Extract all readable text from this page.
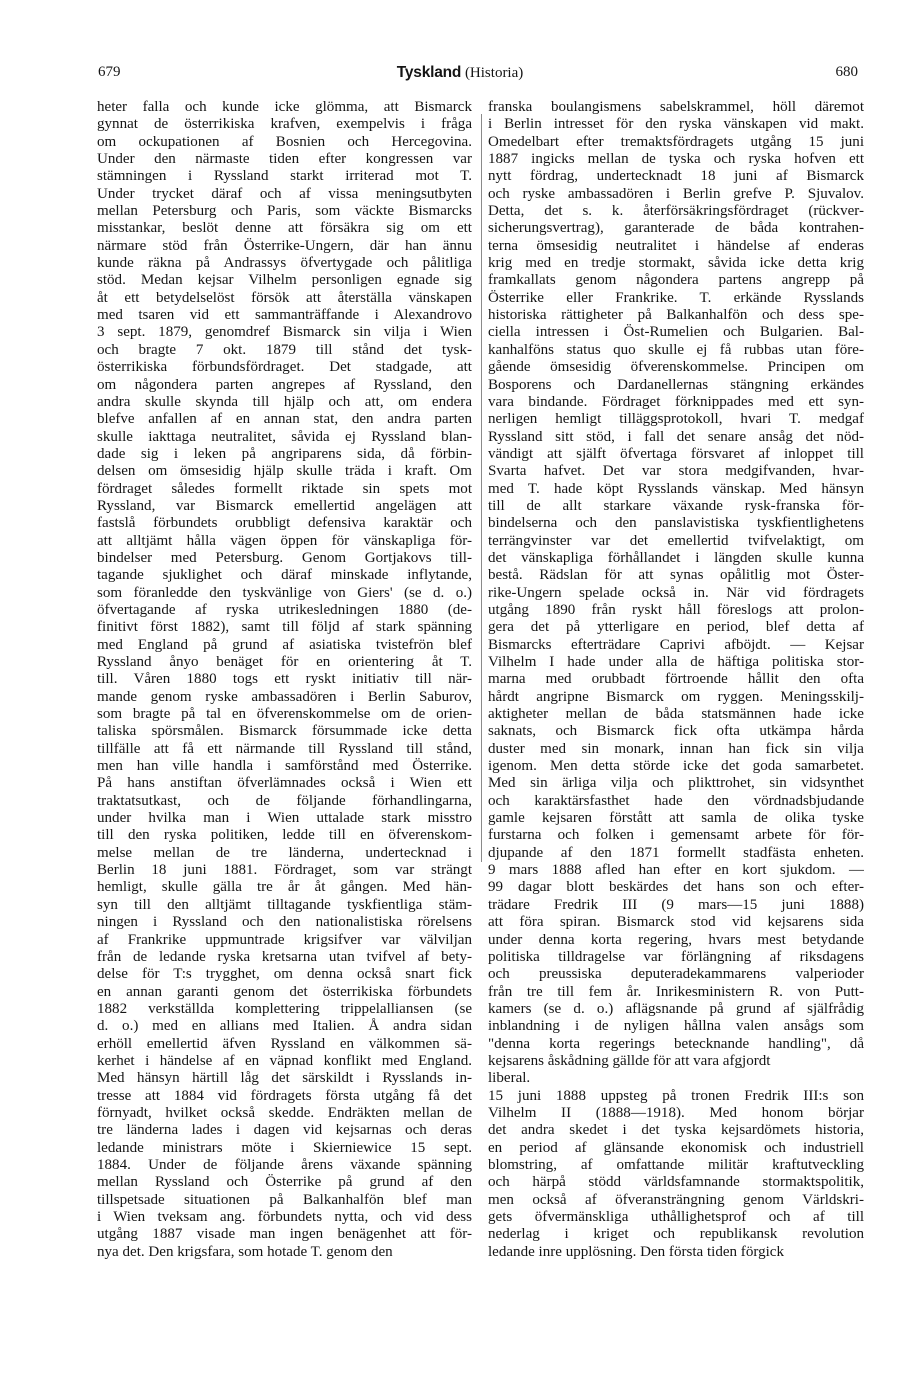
679	Tyskland (Historia)	680
heter falla och kunde icke glömma, att Bismarck
gynnat de österrikiska krafven, exempelvis i fråga
om ockupationen af Bosnien och Hercegovina.
Under den närmaste tiden efter kongressen var
stämningen i Ryssland starkt irriterad mot T.
Under trycket däraf och af vissa meningsutbyten
mellan Petersburg och Paris, som väckte Bismarcks
misstankar, beslöt denne att försäkra sig om ett
närmare stöd från Österrike-Ungern, där han ännu
kunde räkna på Andrassys öfvertygade och pålitliga
stöd. Medan kejsar Vilhelm personligen egnade sig
åt ett betydelselöst försök att återställa vänskapen
med tsaren vid ett sammanträffande i Alexandrovo
3 sept. 1879, genomdref Bismarck sin vilja i Wien
och bragte 7 okt. 1879 till stånd det tysk-
österrikiska förbundsfördraget. Det stadgade, att
om någondera parten angrepes af Ryssland, den
andra skulle skynda till hjälp och att, om endera
blefve anfallen af en annan stat, den andra parten
skulle iakttaga neutralitet, såvida ej Ryssland blan-
dade sig i leken på angriparens sida, då förbin-
delsen om ömsesidig hjälp skulle träda i kraft. Om
fördraget således formellt riktade sin spets mot
Ryssland, var Bismarck emellertid angelägen att
fastslå förbundets orubbligt defensiva karaktär och
att alltjämt hålla vägen öppen för vänskapliga för-
bindelser med Petersburg. Genom Gortjakovs till-
tagande sjuklighet och däraf minskade inflytande,
som föranledde den tyskvänlige von Giers' (se d. o.)
öfvertagande af ryska utrikesledningen 1880 (de-
finitivt först 1882), samt till följd af stark spänning
med England på grund af asiatiska tvistefrön blef
Ryssland ånyo benäget för en orientering åt T.
till. Våren 1880 togs ett ryskt initiativ till när-
mande genom ryske ambassadören i Berlin Saburov,
som bragte på tal en öfverenskommelse om de orien-
taliska spörsmålen. Bismarck försummade icke detta
tillfälle att få ett närmande till Ryssland till stånd,
men han ville handla i samförstånd med Österrike.
På hans anstiftan öfverlämnades också i Wien ett
traktatsutkast, och de följande förhandlingarna,
under hvilka man i Wien uttalade stark misstro
till den ryska politiken, ledde till en öfverenskom-
melse mellan de tre länderna, undertecknad i
Berlin 18 juni 1881. Fördraget, som var strängt
hemligt, skulle gälla tre år åt gången. Med hän-
syn till den alltjämt tilltagande tyskfientliga stäm-
ningen i Ryssland och den nationalistiska rörelsens
af Frankrike uppmuntrade krigsifver var välviljan
från de ledande ryska kretsarna utan tvifvel af bety-
delse för T:s trygghet, om denna också snart fick
en annan garanti genom det österrikiska förbundets
1882 verkställda komplettering trippelalliansen (se
d. o.) med en allians med Italien. Å andra sidan
erhöll emellertid äfven Ryssland en välkommen sä-
kerhet i händelse af en väpnad konflikt med England.
Med hänsyn härtill låg det särskildt i Rysslands in-
tresse att 1884 vid fördragets första utgång få det
förnyadt, hvilket också skedde. Endräkten mellan de
tre länderna lades i dagen vid kejsarnas och deras
ledande ministrars möte i Skierniewice 15 sept.
1884. Under de följande årens växande spänning
mellan Ryssland och Österrike på grund af den
tillspetsade situationen på Balkanhalfön blef man
i Wien tveksam ang. förbundets nytta, och vid dess
utgång 1887 visade man ingen benägenhet att för-
nya det. Den krigsfara, som hotade T. genom den
franska boulangismens sabelskrammel, höll däremot
i Berlin intresset för den ryska vänskapen vid makt.
Omedelbart efter tremaktsfördragets utgång 15 juni
1887 ingicks mellan de tyska och ryska hofven ett
nytt fördrag, undertecknadt 18 juni af Bismarck
och ryske ambassadören i Berlin grefve P. Sjuvalov.
Detta, det s. k. återförsäkringsfördraget (rückver-
sicherungsvertrag), garanterade de båda kontrahen-
terna ömsesidig neutralitet i händelse af enderas
krig med en tredje stormakt, såvida icke detta krig
framkallats genom någondera partens angrepp på
Österrike eller Frankrike. T. erkände Rysslands
historiska rättigheter på Balkanhalfön och dess spe-
ciella intressen i Öst-Rumelien och Bulgarien. Bal-
kanhalföns status quo skulle ej få rubbas utan före-
gående ömsesidig öfverenskommelse. Principen om
Bosporens och Dardanellernas stängning erkändes
vara bindande. Fördraget förknippades med ett syn-
nerligen hemligt tilläggsprotokoll, hvari T. medgaf
Ryssland sitt stöd, i fall det senare ansåg det nöd-
vändigt att själft öfvertaga försvaret af inloppet till
Svarta hafvet. Det var stora medgifvanden, hvar-
med T. hade köpt Rysslands vänskap. Med hänsyn
till de allt starkare växande rysk-franska för-
bindelserna och den panslavistiska tyskfientlighetens
terrängvinster var det emellertid tvifvelaktigt, om
det vänskapliga förhållandet i längden skulle kunna
bestå. Rädslan för att synas opålitlig mot Öster-
rike-Ungern spelade också in. När vid fördragets
utgång 1890 från ryskt håll föreslogs att prolon-
gera det på ytterligare en period, blef detta af
Bismarcks efterträdare Caprivi afböjdt. — Kejsar
Vilhelm I hade under alla de häftiga politiska stor-
marna med orubbadt förtroende hållit den ofta
hårdt angripne Bismarck om ryggen. Meningsskilj-
aktigheter mellan de båda statsmännen hade icke
saknats, och Bismarck fick ofta utkämpa hårda
duster med sin monark, innan han fick sin vilja
igenom. Men detta störde icke det goda samarbetet.
Med sin ärliga vilja och plikttrohet, sin vidsynthet
och karaktärsfasthet hade den vördnadsbjudande
gamle kejsaren förstått att samla de olika tyske
furstarna och folken i gemensamt arbete för för-
djupande af den 1871 formellt stadfästa enheten.
9 mars 1888 afled han efter en kort sjukdom. —
99 dagar blott beskärdes det hans son och efter-
trädare Fredrik III (9 mars—15 juni 1888)
att föra spiran. Bismarck stod vid kejsarens sida
under denna korta regering, hvars mest betydande
politiska tilldragelse var förlängning af riksdagens
och preussiska deputeradekammarens valperioder
från tre till fem år. Inrikesministern R. von Putt-
kamers (se d. o.) aflägsnande på grund af själfrådig
inblandning i de nyligen hållna valen ansågs som
"denna korta regerings betecknande handling", då
kejsarens åskådning gällde för att vara afgjordt
liberal.
15 juni 1888 uppsteg på tronen Fredrik III:s son
Vilhelm II (1888—1918). Med honom börjar
det andra skedet i det tyska kejsardömets historia,
en period af glänsande ekonomisk och industriell
blomstring, af omfattande militär kraftutveckling
och härpå stödd världsfamnande stormaktspolitik,
men också af öfveransträngning genom Världskri-
gets öfvermänskliga uthållighetsprof och af till
nederlag i kriget och republikansk revolution
ledande inre upplösning. Den första tiden förgick
